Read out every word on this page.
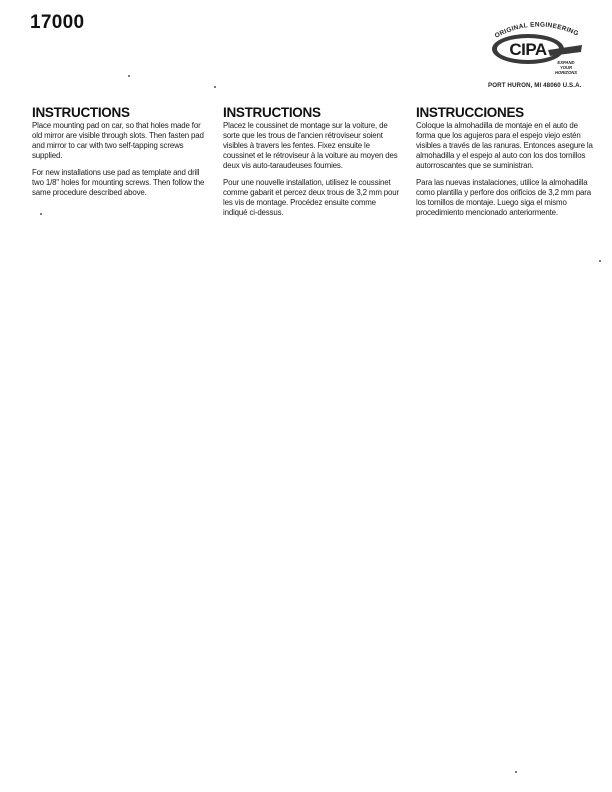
17000
ORIGINAL ENGINEERING
CIPA
EXPAND
YOUR
HORIZONS
PORT HURON, MI 48060 U.S.A.
INSTRUCTIONS

Place mounting pad on car, so that holes made for old mirror are visible through slots. Then fasten pad and mirror to car with two self-tapping screws supplied.

For new installations use pad as template and drill two 1/8" holes for mounting screws. Then follow the same procedure described above.

INSTRUCTIONS

Placez le coussinet de montage sur la voiture, de sorte que les trous de l'ancien rétroviseur soient visibles à travers les fentes. Fixez ensuite le coussinet et le rétroviseur à la voiture au moyen des deux vis auto-taraudeuses fournies.

Pour une nouvelle installation, utilisez le coussinet comme gabarit et percez deux trous de 3,2 mm pour les vis de montage. Procédez ensuite comme indiqué ci-dessus.

INSTRUCCIONES

Coloque la almohadilla de montaje en el auto de forma que los agujeros para el espejo viejo estén visibles a través de las ranuras. Entonces asegure la almohadilla y el espejo al auto con los dos tornillos autorroscantes que se suministran.

Para las nuevas instalaciones, utilice la almohadilla como plantilla y perfore dos orificios de 3,2 mm para los tornillos de montaje. Luego siga el mismo procedimiento mencionado anteriormente.
